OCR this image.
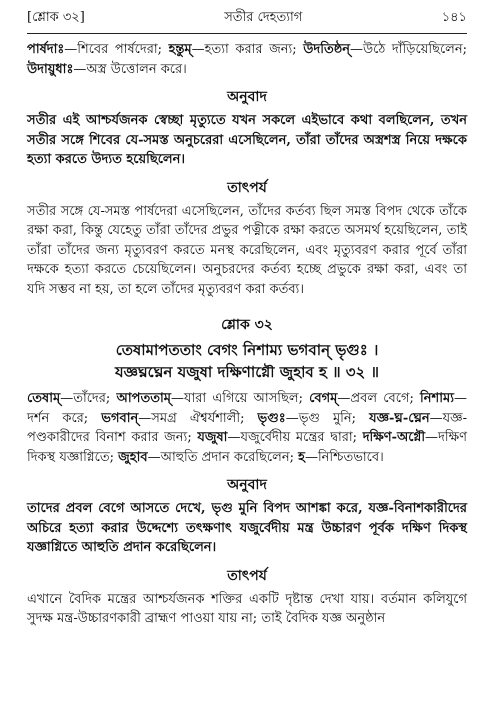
[শ্লোক ৩২]	সতীর দেহত্যাগ	১৪১

পার্ষদাঃ—শিবের পার্ষদেরা; হন্তুম্—হত্যা করার জন্য; উদতিষ্ঠন্—উঠে দাঁড়িয়েছিলেন; উদায়ুধাঃ—অস্ত্র উত্তোলন করে।

অনুবাদ

সতীর এই আশ্চর্যজনক স্বেচ্ছা মৃত্যুতে যখন সকলে এইভাবে কথা বলছিলেন, তখন সতীর সঙ্গে শিবের যে-সমস্ত অনুচরেরা এসেছিলেন, তাঁরা তাঁদের অস্ত্রশস্ত্র নিয়ে দক্ষকে হত্যা করতে উদ্যত হয়েছিলেন।

তাৎপর্য

সতীর সঙ্গে যে-সমস্ত পার্ষদেরা এসেছিলেন, তাঁদের কর্তব্য ছিল সমস্ত বিপদ থেকে তাঁকে রক্ষা করা, কিন্তু যেহেতু তাঁরা তাঁদের প্রভুর পত্নীকে রক্ষা করতে অসমর্থ হয়েছিলেন, তাই তাঁরা তাঁদের জন্য মৃত্যুবরণ করতে মনস্থ করেছিলেন, এবং মৃত্যুবরণ করার পূর্বে তাঁরা দক্ষকে হত্যা করতে চেয়েছিলেন। অনুচরদের কর্তব্য হচ্ছে প্রভুকে রক্ষা করা, এবং তা যদি সম্ভব না হয়, তা হলে তাঁদের মৃত্যুবরণ করা কর্তব্য।

শ্লোক ৩২

তেষামাপততাং বেগং নিশাম্য ভগবান্ ভৃগুঃ ।

যজ্ঞঘ্নঘ্নেন যজুষা দক্ষিণাগ্নৌ জুহাব হ ॥ ৩২ ॥

তেষাম্—তাঁদের; আপততাম্—যারা এগিয়ে আসছিল; বেগম্—প্রবল বেগে; নিশাম্য—দর্শন করে; ভগবান্—সমগ্র ঐশ্বর্যশালী; ভৃগুঃ—ভৃগু মুনি; যজ্ঞ-ঘ্ন-ঘ্নেন—যজ্ঞ-পণ্ডকারীদের বিনাশ করার জন্য; যজুষা—যজুর্বেদীয় মন্ত্রের দ্বারা; দক্ষিণ-অগ্নৌ—দক্ষিণ দিকস্থ যজ্ঞাগ্নিতে; জুহাব—আহুতি প্রদান করেছিলেন; হ—নিশ্চিতভাবে।

অনুবাদ

তাদের প্রবল বেগে আসতে দেখে, ভৃগু মুনি বিপদ আশঙ্কা করে, যজ্ঞ-বিনাশকারীদের অচিরে হত্যা করার উদ্দেশ্যে তৎক্ষণাৎ যজুর্বেদীয় মন্ত্র উচ্চারণ পূর্বক দক্ষিণ দিকস্থ যজ্ঞাগ্নিতে আহুতি প্রদান করেছিলেন।

তাৎপর্য

এখানে বৈদিক মন্ত্রের আশ্চর্যজনক শক্তির একটি দৃষ্টান্ত দেখা যায়। বর্তমান কলিযুগে সুদক্ষ মন্ত্র-উচ্চারণকারী ব্রাহ্মণ পাওয়া যায় না; তাই বৈদিক যজ্ঞ অনুষ্ঠান
